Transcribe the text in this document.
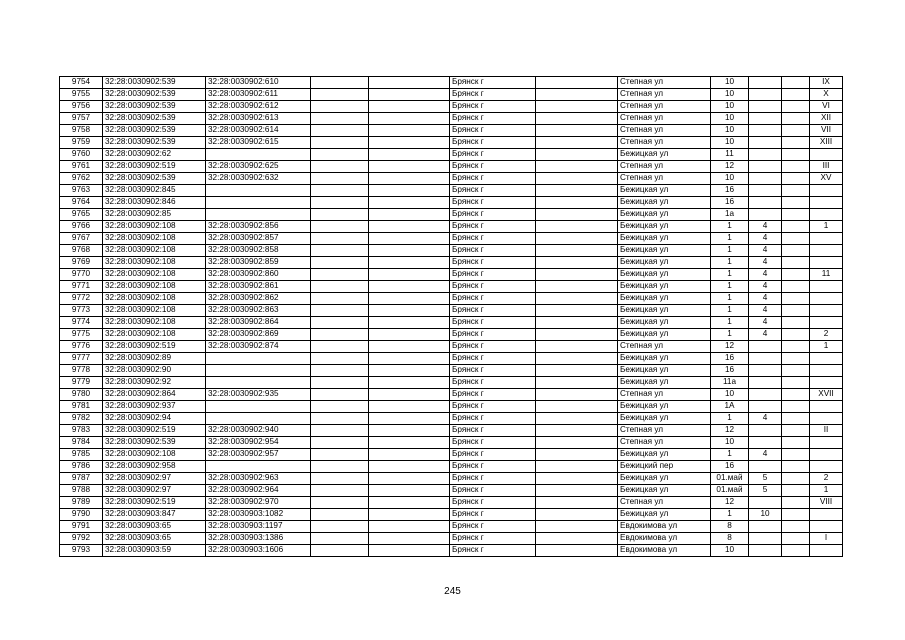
9754	32:28:0030902:539	32:28:0030902:610			Брянск г		Степная ул	10			IX
9755	32:28:0030902:539	32:28:0030902:611			Брянск г		Степная ул	10			X
9756	32:28:0030902:539	32:28:0030902:612			Брянск г		Степная ул	10			VI
9757	32:28:0030902:539	32:28:0030902:613			Брянск г		Степная ул	10			XII
9758	32:28:0030902:539	32:28:0030902:614			Брянск г		Степная ул	10			VII
9759	32:28:0030902:539	32:28:0030902:615			Брянск г		Степная ул	10			XIII
9760	32:28:0030902:62				Брянск г		Бежицкая ул	11			
9761	32:28:0030902:519	32:28:0030902:625			Брянск г		Степная ул	12			III
9762	32:28:0030902:539	32:28:0030902:632			Брянск г		Степная ул	10			XV
9763	32:28:0030902:845				Брянск г		Бежицкая ул	16			
9764	32:28:0030902:846				Брянск г		Бежицкая ул	16			
9765	32:28:0030902:85				Брянск г		Бежицкая ул	1а			
9766	32:28:0030902:108	32:28:0030902:856			Брянск г		Бежицкая ул	1	4		1
9767	32:28:0030902:108	32:28:0030902:857			Брянск г		Бежицкая ул	1	4		
9768	32:28:0030902:108	32:28:0030902:858			Брянск г		Бежицкая ул	1	4		
9769	32:28:0030902:108	32:28:0030902:859			Брянск г		Бежицкая ул	1	4		
9770	32:28:0030902:108	32:28:0030902:860			Брянск г		Бежицкая ул	1	4		11
9771	32:28:0030902:108	32:28:0030902:861			Брянск г		Бежицкая ул	1	4		
9772	32:28:0030902:108	32:28:0030902:862			Брянск г		Бежицкая ул	1	4		
9773	32:28:0030902:108	32:28:0030902:863			Брянск г		Бежицкая ул	1	4		
9774	32:28:0030902:108	32:28:0030902:864			Брянск г		Бежицкая ул	1	4		
9775	32:28:0030902:108	32:28:0030902:869			Брянск г		Бежицкая ул	1	4		2
9776	32:28:0030902:519	32:28:0030902:874			Брянск г		Степная ул	12			1
9777	32:28:0030902:89				Брянск г		Бежицкая ул	16			
9778	32:28:0030902:90				Брянск г		Бежицкая ул	16			
9779	32:28:0030902:92				Брянск г		Бежицкая ул	11а			
9780	32:28:0030902:864	32:28:0030902:935			Брянск г		Степная ул	10			XVII
9781	32:28:0030902:937				Брянск г		Бежицкая ул	1А			
9782	32:28:0030902:94				Брянск г		Бежицкая ул	1	4		
9783	32:28:0030902:519	32:28:0030902:940			Брянск г		Степная ул	12			II
9784	32:28:0030902:539	32:28:0030902:954			Брянск г		Степная ул	10			
9785	32:28:0030902:108	32:28:0030902:957			Брянск г		Бежицкая ул	1	4		
9786	32:28:0030902:958				Брянск г		Бежицкий пер	16			
9787	32:28:0030902:97	32:28:0030902:963			Брянск г		Бежицкая ул	01.май	5		2
9788	32:28:0030902:97	32:28:0030902:964			Брянск г		Бежицкая ул	01.май	5		1
9789	32:28:0030902:519	32:28:0030902:970			Брянск г		Степная ул	12			VIII
9790	32:28:0030903:847	32:28:0030903:1082			Брянск г		Бежицкая ул	1	10		
9791	32:28:0030903:65	32:28:0030903:1197			Брянск г		Евдокимова ул	8			
9792	32:28:0030903:65	32:28:0030903:1386			Брянск г		Евдокимова ул	8			I
9793	32:28:0030903:59	32:28:0030903:1606			Брянск г		Евдокимова ул	10			
245
